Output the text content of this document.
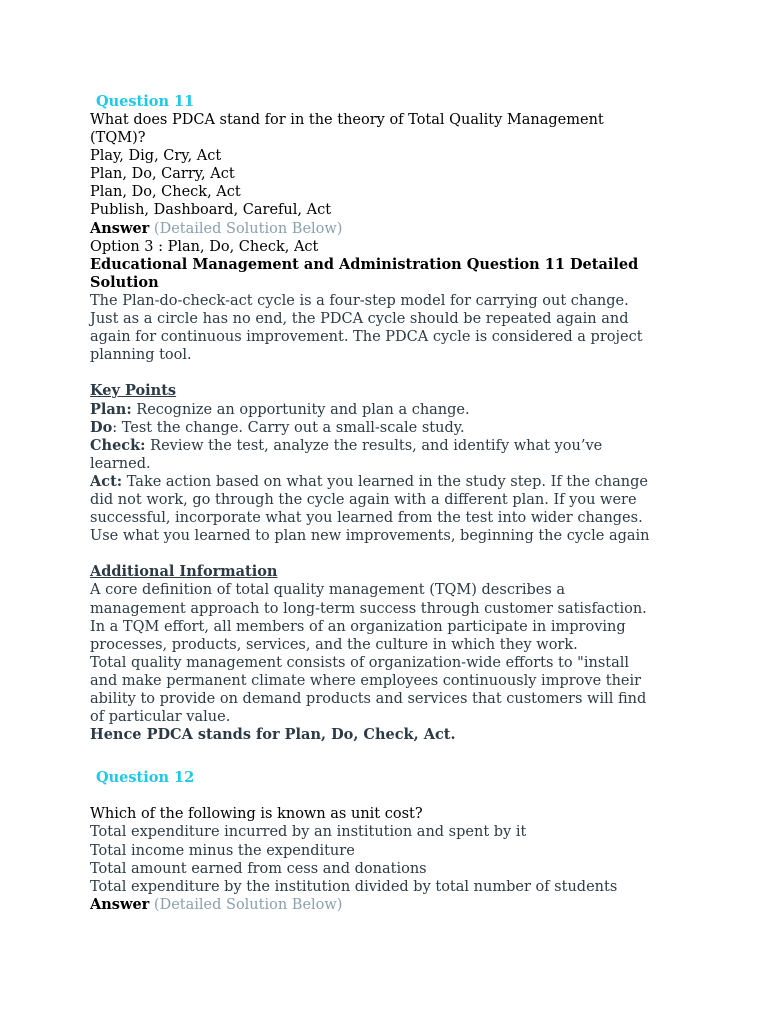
Question 11
What does PDCA stand for in the theory of Total Quality Management
(TQM)?
Play, Dig, Cry, Act
Plan, Do, Carry, Act
Plan, Do, Check, Act
Publish, Dashboard, Careful, Act
Answer (Detailed Solution Below)
Option 3 : Plan, Do, Check, Act
Educational Management and Administration Question 11 Detailed
Solution
The Plan-do-check-act cycle is a four-step model for carrying out change.
Just as a circle has no end, the PDCA cycle should be repeated again and
again for continuous improvement. The PDCA cycle is considered a project
planning tool.
Key Points
Plan: Recognize an opportunity and plan a change.
Do: Test the change. Carry out a small-scale study.
Check: Review the test, analyze the results, and identify what you’ve
learned.
Act: Take action based on what you learned in the study step. If the change
did not work, go through the cycle again with a different plan. If you were
successful, incorporate what you learned from the test into wider changes.
Use what you learned to plan new improvements, beginning the cycle again
Additional Information
A core definition of total quality management (TQM) describes a
management approach to long-term success through customer satisfaction.
In a TQM effort, all members of an organization participate in improving
processes, products, services, and the culture in which they work.
Total quality management consists of organization-wide efforts to "install
and make permanent climate where employees continuously improve their
ability to provide on demand products and services that customers will find
of particular value.
Hence PDCA stands for Plan, Do, Check, Act.
Question 12
Which of the following is known as unit cost?
Total expenditure incurred by an institution and spent by it
Total income minus the expenditure
Total amount earned from cess and donations
Total expenditure by the institution divided by total number of students
Answer (Detailed Solution Below)
